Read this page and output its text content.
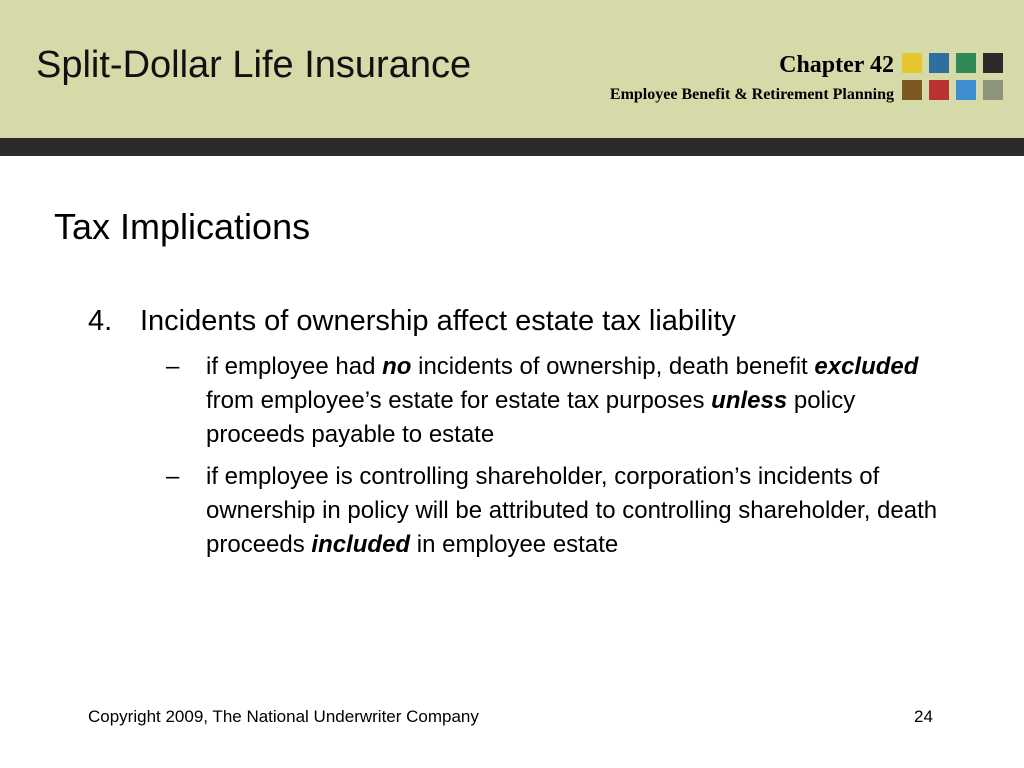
Split-Dollar Life Insurance	Chapter 42
Employee Benefit & Retirement Planning
Tax Implications
4. Incidents of ownership affect estate tax liability
– if employee had no incidents of ownership, death benefit excluded from employee’s estate for estate tax purposes unless policy proceeds payable to estate
– if employee is controlling shareholder, corporation’s incidents of ownership in policy will be attributed to controlling shareholder, death proceeds included in employee estate
Copyright 2009, The National Underwriter Company	24
